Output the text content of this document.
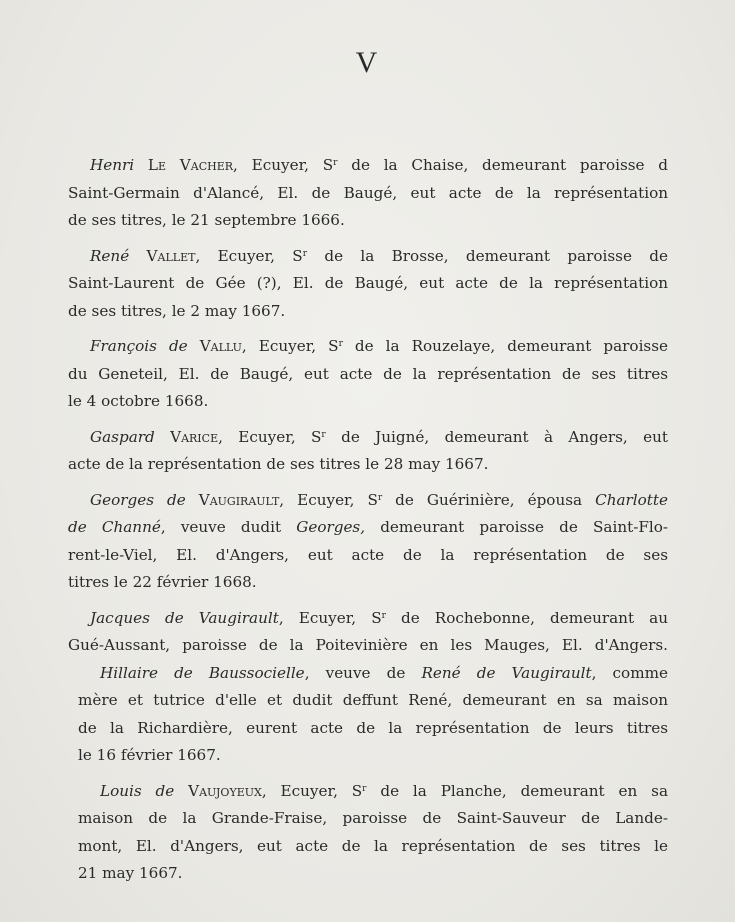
V

Henri Le Vacher, Ecuyer, $S^r$ de la Chaise, demeurant paroisse d
Saint-Germain d'Alancé, El. de Baugé, eut acte de la représentation
de ses titres, le 21 septembre 1666.

René Vallet, Ecuyer, $S^r$ de la Brosse, demeurant paroisse de
Saint-Laurent de Gée (?), El. de Baugé, eut acte de la représentation
de ses titres, le 2 may 1667.

François de Vallu, Ecuyer, $S^r$ de la Rouzelaye, demeurant paroisse
du Geneteil, El. de Baugé, eut acte de la représentation de ses titres
le 4 octobre 1668.

Gaspard Varice, Ecuyer, $S^r$ de Juigné, demeurant à Angers, eut
acte de la représentation de ses titres le 28 may 1667.

Georges de Vaugirault, Ecuyer, $S^r$ de Guérinière, épousa Charlotte
de Channé, veuve dudit Georges, demeurant paroisse de Saint-Flo-
rent-le-Viel, El. d'Angers, eut acte de la représentation de ses
titres le 22 février 1668.

Jacques de Vaugirault, Ecuyer, $S^r$ de Rochebonne, demeurant au
Gué-Aussant, paroisse de la Poitevinière en les Mauges, El. d'Angers.

Hillaire de Baussocielle, veuve de René de Vaugirault, comme
mère et tutrice d'elle et dudit deffunt René, demeurant en sa maison
de la Richardière, eurent acte de la représentation de leurs titres
le 16 février 1667.

Louis de Vaujoyeux, Ecuyer, $S^r$ de la Planche, demeurant en sa
maison de la Grande-Fraise, paroisse de Saint-Sauveur de Lande-
mont, El. d'Angers, eut acte de la représentation de ses titres le
21 may 1667.
